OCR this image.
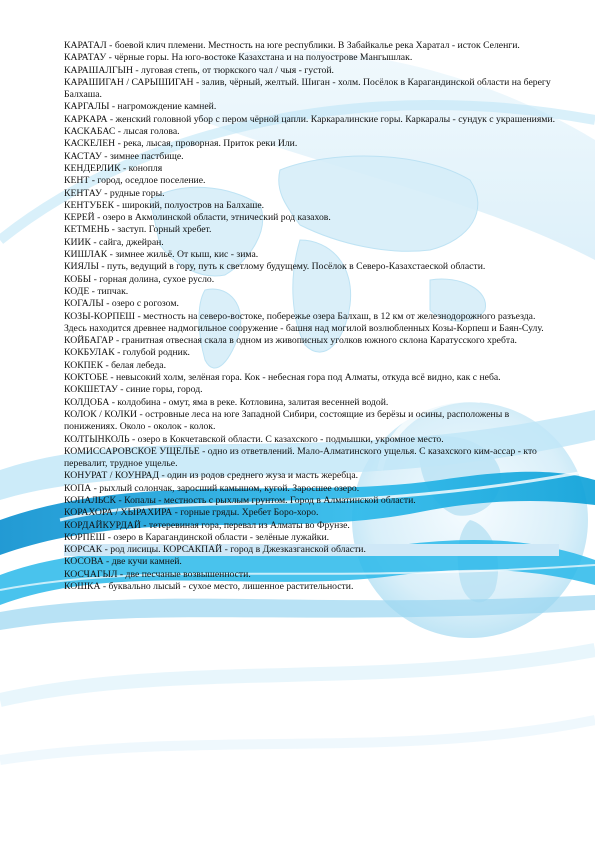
КАРАТАЛ - боевой клич племени. Местность на юге республики. В Забайкалье река Харатал - исток Селенги.

КАРАТАУ - чёрные горы. На юго-востоке Казахстана и на полуострове Мангышлак.

КАРАШАЛГЫН - луговая степь, от тюркского чал / чыя - густой.

КАРАШИГАН / САРЫШИГАН - залив, чёрный, желтый. Шиган - холм. Посёлок в Карагандинской области на берегу Балхаша.

КАРГАЛЫ - нагромождение камней.

КАРКАРА - женский головной убор с пером чёрной цапли. Каркаралинские горы. Каркаралы - сундук с украшениями.

КАСКАБАС - лысая голова.

КАСКЕЛЕН - река, лысая, проворная. Приток реки Или.

КАСТАУ - зимнее пастбище.

КЕНДЕРЛИК - конопля

КЕНТ - город, оседлое поселение.

КЕНТАУ - рудные горы.

КЕНТУБЕК - широкий, полуостров на Балхаше.

КЕРЕЙ - озеро в Акмолинской области, этнический род казахов.

КЕТМЕНЬ - заступ. Горный хребет.

КИИК - сайга, джейран.

КИШЛАК - зимнее жильё. От кыш, кис - зима.

КИЯЛЫ - путь, ведущий в гору, путь к светлому будущему. Посёлок в Северо-Казахстаеской области.

КОБЫ - горная долина, сухое русло.

КОДЕ - типчак.

КОГАЛЫ - озеро с рогозом.

КОЗЫ-КОРПЕШ - местность на северо-востоке, побережье озера Балхаш, в 12 км от железнодорожного разъезда. Здесь находится древнее надмогильное сооружение - башня над могилой возлюбленных Козы-Корпеш и Баян-Сулу.

КОЙБАГАР - гранитная отвесная скала в одном из живописных уголков южного склона Каратусского хребта.

КОКБУЛАК - голубой родник.

КОКПЕК - белая лебеда.

КОКТОБЕ - невысокий холм, зелёная гора. Кок - небесная гора под Алматы, откуда всё видно, как с неба.

КОКШЕТАУ - синие горы, город.

КОЛДОБА - колдобина - омут, яма в реке. Котловина, залитая весенней водой.

КОЛОК / КОЛКИ - островные леса на юге Западной Сибири, состоящие из берёзы и осины, расположены в понижениях. Около - околок - колок.

КОЛТЫНКОЛЬ - озеро в Кокчетавской области. С казахского - подмышки, укромное место.

КОМИССАРОВСКОЕ УЩЕЛЬЕ - одно из ответвлений. Мало-Алматинского ущелья. С казахского ким-ассар - кто перевалит, трудное ущелье.

КОНУРАТ / КОУНРАД - один из родов среднего жуза и масть жеребца.

КОПА - рыхлый солончак, заросший камышом, кугой. Заросшее озеро.

КОПАЛЬСК - Копалы - местность с рыхлым грунтом. Город в Алматинской области.

КОРАХОРА / ХЫРАХИРА - горные гряды. Хребет Боро-хоро.

КОРДАЙКУРДАЙ - тетеревиная гора, перевал из Алматы во Фрунзе.

КОРПЕШ - озеро в Карагандинской области - зелёные лужайки.

КОРСАК - род лисицы. КОРСАКПАЙ - город в Джезказганской области.

КОСОВА - две кучи камней.

КОСЧАГЫЛ - две песчаные возвышенности.

КОШКА - буквально лысый - сухое место, лишенное растительности.
